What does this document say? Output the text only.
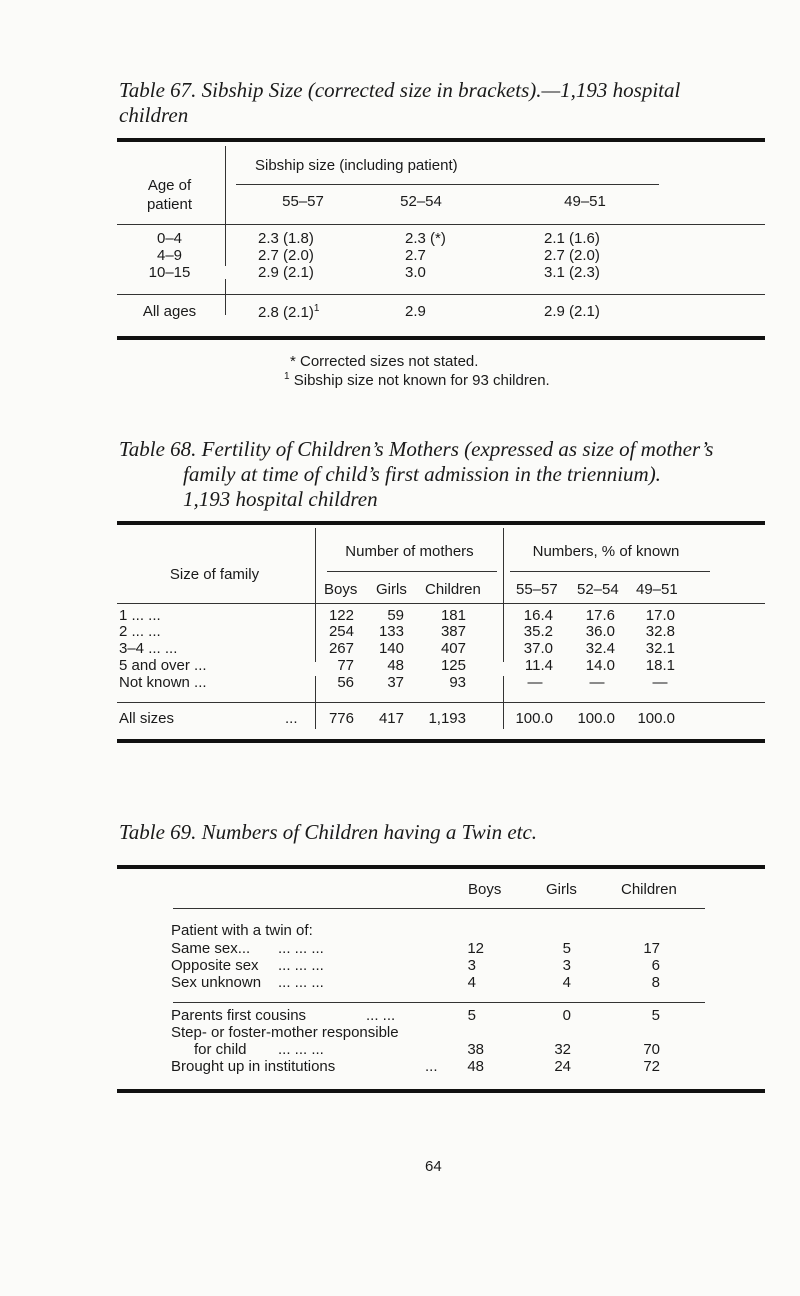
Table 67. Sibship Size (corrected size in brackets).—1,193 hospital
children
Age of
patient
Sibship size (including patient)
55–57	52–54	49–51
0–4	2.3 (1.8)	2.3 (*)	2.1 (1.6)
4–9	2.7 (2.0)	2.7	2.7 (2.0)
10–15	2.9 (2.1)	3.0	3.1 (2.3)
All ages	2.8 $(2.1)^1$	2.9	2.9 (2.1)
* Corrected sizes not stated.
$^1$ Sibship size not known for 93 children.
Table 68. Fertility of Children’s Mothers (expressed as size of mother’s
family at time of child’s first admission in the triennium).
1,193 hospital children
Size of family
Number of mothers	Numbers, % of known
Boys Girls Children 55–57 52–54 49–51
1 ... ...	122	59	181	16.4	17.6	17.0
2 ... ...	254	133	387	35.2	36.0	32.8
3–4 ... ...	267	140	407	37.0	32.4	32.1
5 and over ...	77	48	125	11.4	14.0	18.1
Not known ...	56	37	93	—	—	—
All sizes	...	776	417	1,193	100.0	100.0	100.0
Table 69. Numbers of Children having a Twin etc.
Boys	Girls	Children
Patient with a twin of:
Same sex... ... ... ...	12	5	17
Opposite sex ... ... ...	3	3	6
Sex unknown ... ... ...	4	4	8
Parents first cousins	... ...	5	0	5
Step- or foster-mother responsible
for child ... ... ...	38	32	70
Brought up in institutions	...	48	24	72
64
